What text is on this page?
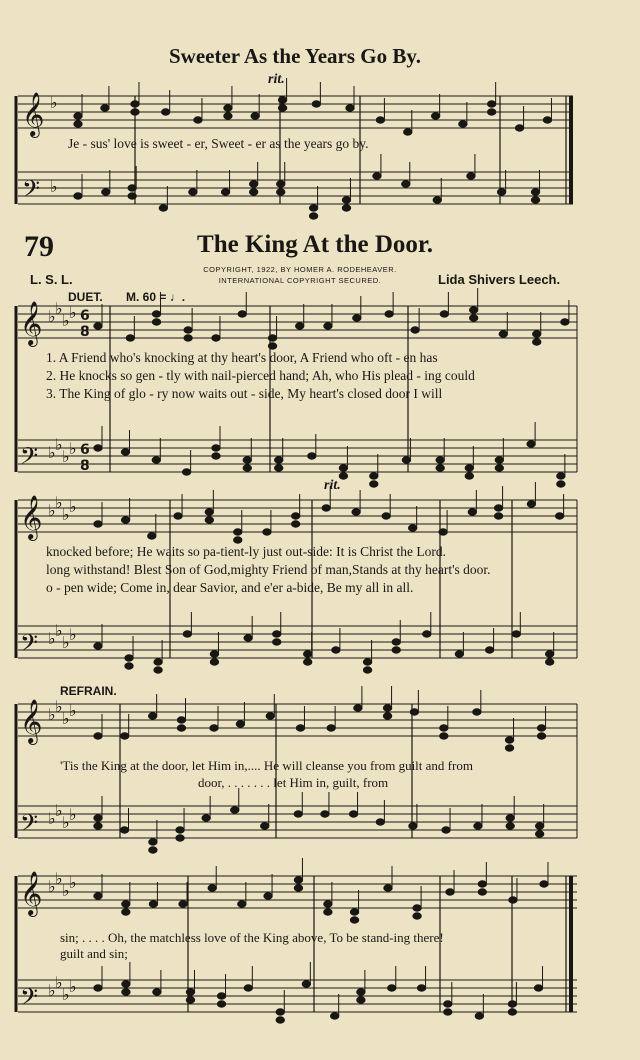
𝄞
𝄢
𝄞
𝄢
𝄞
𝄢
𝄞
𝄢
𝄞
𝄢
♭
♭
♭ ♭
♭ ♭
♭ ♭
♭ ♭
♭ ♭
♭ ♭
♭ ♭
♭ ♭
♭ ♭
♭ ♭
♭ ♭
♭ ♭
♭ ♭
♭ ♭
♭ ♭
♭ ♭
6
8
6
8
Sweeter As the Years Go By.
rit.
Je - sus' love is sweet - er, Sweet - er as the years go by.
79	The King At the Door.
COPYRIGHT, 1922, BY HOMER A. RODEHEAVER.
INTERNATIONAL COPYRIGHT SECURED.
L. S. L.	Lida Shivers Leech.
DUET. M. 60 = ♩.
1. A Friend who's knocking at thy heart's door, A Friend who oft - en has
2. He knocks so gen - tly with nail-pierced hand; Ah, who His plead - ing could
3. The King of glo - ry now waits out - side, My heart's closed door I will
rit.
knocked before; He waits so pa-tient-ly just out-side: It is Christ the Lord.
long withstand! Blest Son of God,mighty Friend of man,Stands at thy heart's door.
o - pen wide; Come in, dear Savior, and e'er a-bide, Be my all in all.
REFRAIN.
'Tis the King at the door, let Him in,.... He will cleanse you from guilt and from
door, . . . . . . . let Him in, guilt, from
sin; . . . . Oh, the matchless love of the King above, To be stand-ing there!
guilt and sin;
